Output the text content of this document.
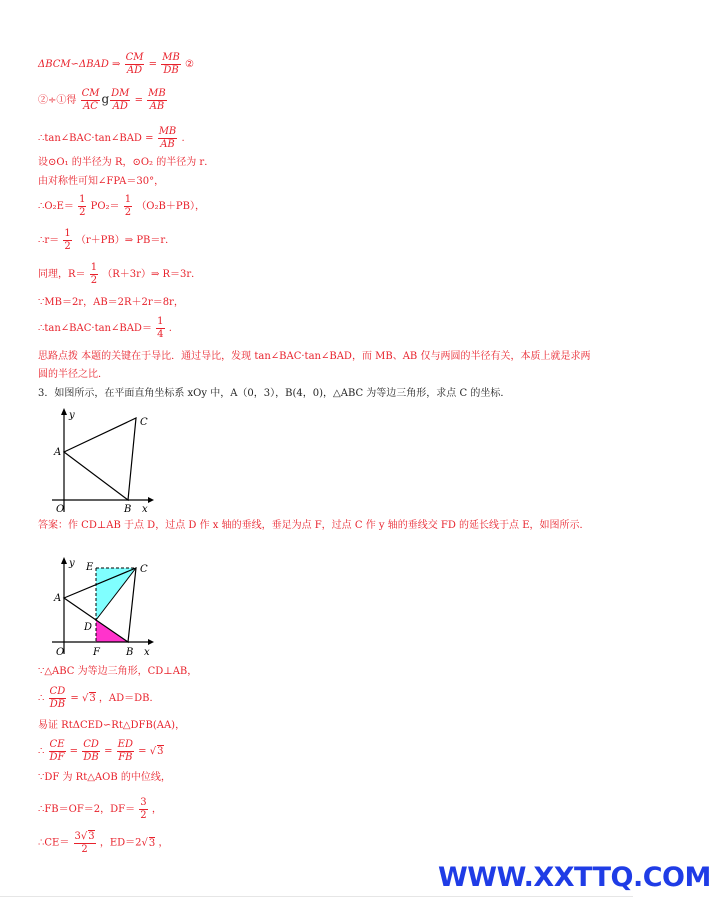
ΔBCM∽ΔBAD ⇒ $\frac{CM}{AD} = \frac{MB}{DB}$ ②
②÷①得 $\frac{CM}{AC}$ g $\frac{DM}{AD} = \frac{MB}{AB}$
∴tan∠BAC·tan∠BAD = $\frac{MB}{AB}$ .
设⊙O₁ 的半径为 R，⊙O₂ 的半径为 r．
由对称性可知∠FPA＝30°，
∴O₂E＝ $\frac{1}{2} PO_2= \frac{1}{2} (O_2B+PB)$，
∴r＝ $\frac{1}{2}$ （r＋PB）⇒ PB＝r．
同理，$R= \frac{1}{2}$ （R＋3r）⇒ R＝3r．
∵MB＝2r，AB＝2R＋2r＝8r，
∴tan∠BAC·tan∠BAD＝ $\frac{1}{4}$ .
思路点拨 本题的关键在于导比．通过导比，发现 tan∠BAC·tan∠BAD，而 MB、AB 仅与两圆的半径有关，本质上就是求两圆的半径之比．
3．如图所示，在平面直角坐标系 xOy 中，A（0，3），B(4，0)，△ABC 为等边三角形，求点 C 的坐标．
y
x
A
B
C
O
答案：作 CD⊥AB 于点 D，过点 D 作 x 轴的垂线，垂足为点 F，过点 C 作 y 轴的垂线交 FD 的延长线于点 E，如图所示．
y
x
A
B
C
O
D
E
F
∵△ABC 为等边三角形，CD⊥AB，
∴ $\frac{CD}{DB} = √3$ ，AD＝DB．
易证 RtΔCED∽Rt△DFB(AA)，
∴ $\frac{CE}{DF} = \frac{CD}{DB} = \frac{ED}{FB} = √3$
∵DF 为 Rt△AOB 的中位线，
∴FB＝OF＝2，$DF= \frac{3}{2}$ ，
∴CE＝ $\frac{3√3}{2}$ ，ED＝2√3 ，
WWW.XXTTQ.COM
